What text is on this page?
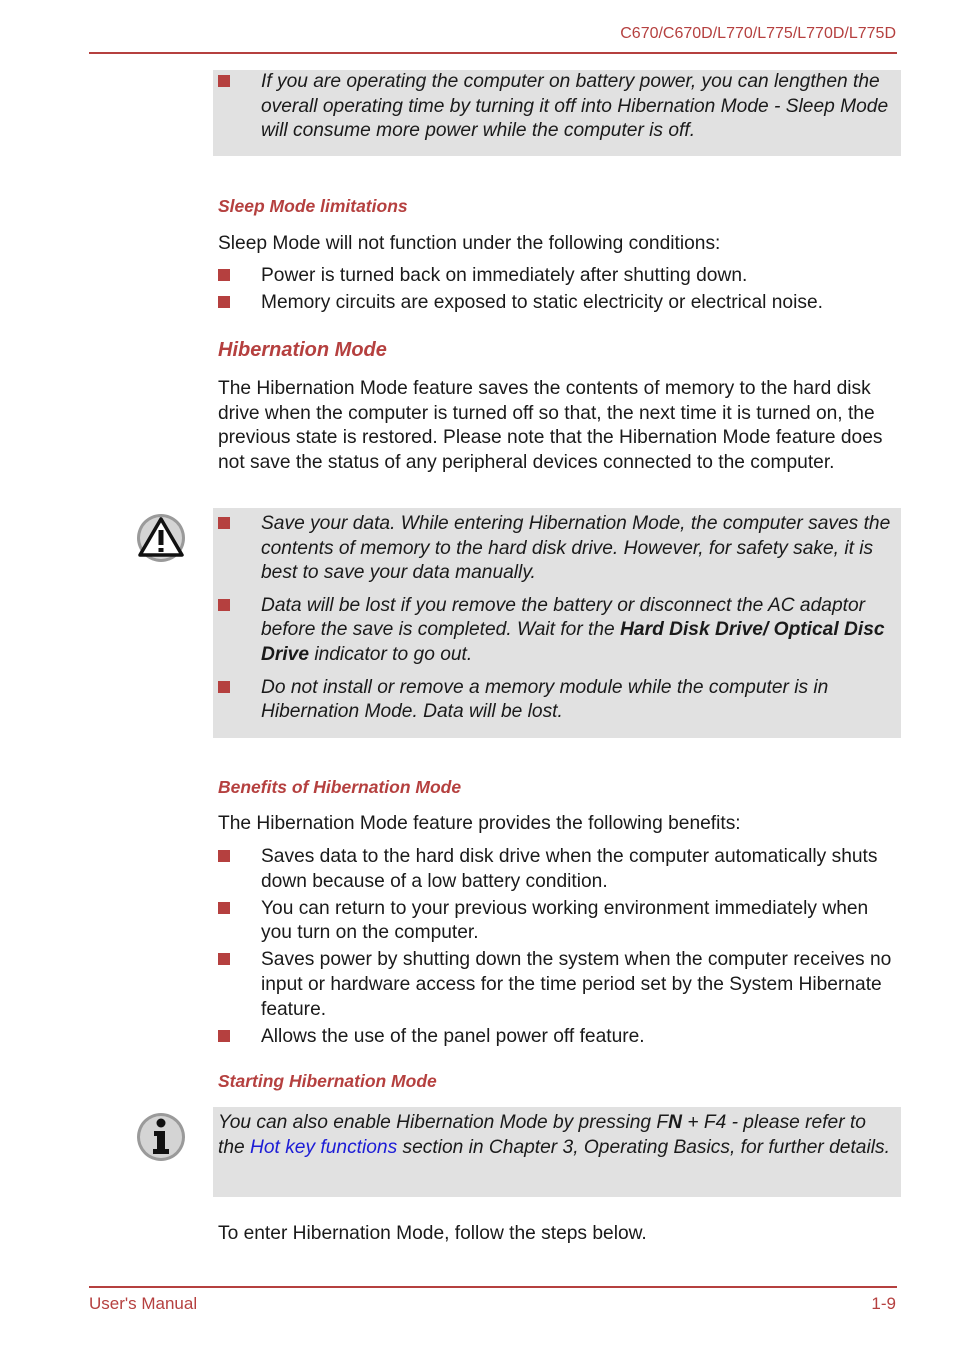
C670/C670D/L770/L775/L770D/L775D
If you are operating the computer on battery power, you can lengthen the overall operating time by turning it off into Hibernation Mode - Sleep Mode will consume more power while the computer is off.
Sleep Mode limitations

Sleep Mode will not function under the following conditions:

Power is turned back on immediately after shutting down.
Memory circuits are exposed to static electricity or electrical noise.
Hibernation Mode

The Hibernation Mode feature saves the contents of memory to the hard disk drive when the computer is turned off so that, the next time it is turned on, the previous state is restored. Please note that the Hibernation Mode feature does not save the status of any peripheral devices connected to the computer.

Save your data. While entering Hibernation Mode, the computer saves the contents of memory to the hard disk drive. However, for safety sake, it is best to save your data manually.
Data will be lost if you remove the battery or disconnect the AC adaptor before the save is completed. Wait for the Hard Disk Drive/ Optical Disc Drive indicator to go out.
Do not install or remove a memory module while the computer is in Hibernation Mode. Data will be lost.
Benefits of Hibernation Mode

The Hibernation Mode feature provides the following benefits:

Saves data to the hard disk drive when the computer automatically shuts down because of a low battery condition.
You can return to your previous working environment immediately when you turn on the computer.
Saves power by shutting down the system when the computer receives no input or hardware access for the time period set by the System Hibernate feature.
Allows the use of the panel power off feature.
Starting Hibernation Mode
You can also enable Hibernation Mode by pressing FN + F4 - please refer to the Hot key functions section in Chapter 3, Operating Basics, for further details.

To enter Hibernation Mode, follow the steps below.

User's Manual	1-9
